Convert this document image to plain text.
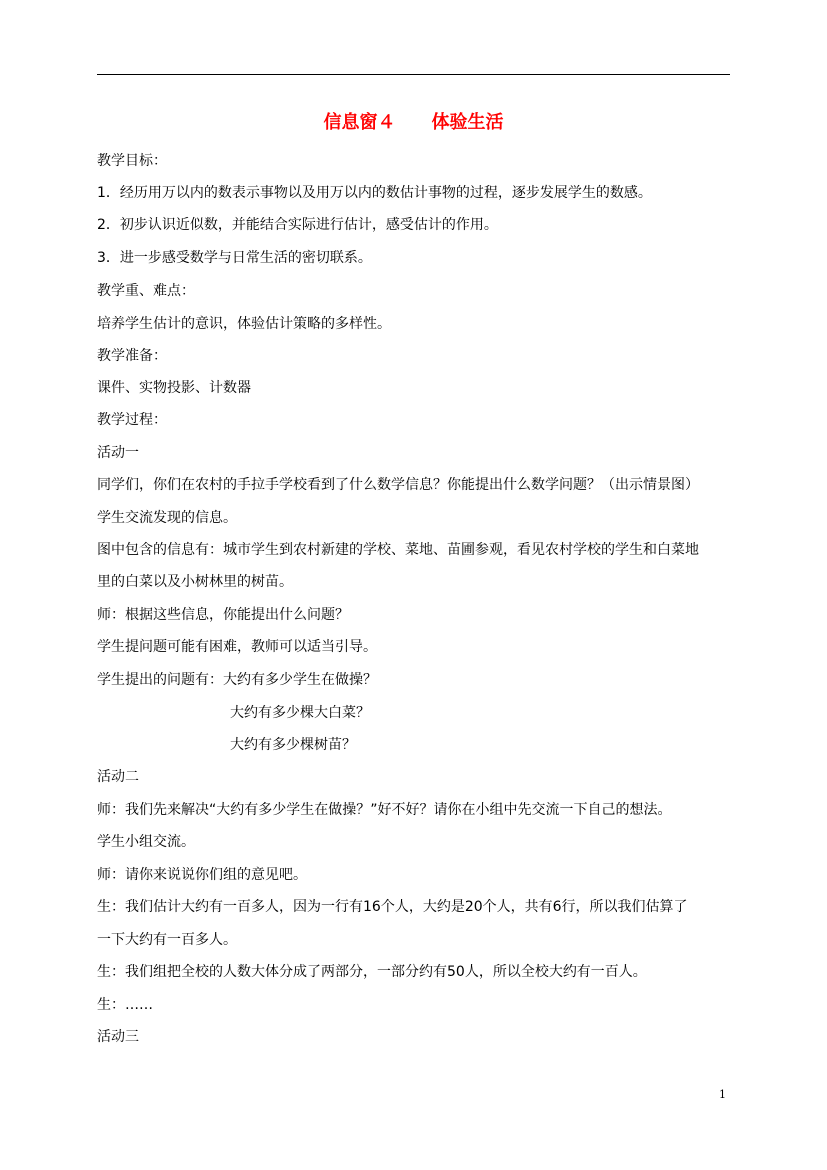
信息窗４　　体验生活
教学目标：
1．经历用万以内的数表示事物以及用万以内的数估计事物的过程，逐步发展学生的数感。
2．初步认识近似数，并能结合实际进行估计，感受估计的作用。
3．进一步感受数学与日常生活的密切联系。
教学重、难点：
培养学生估计的意识，体验估计策略的多样性。
教学准备：
课件、实物投影、计数器
教学过程：
活动一
同学们，你们在农村的手拉手学校看到了什么数学信息？你能提出什么数学问题？（出示情景图）
学生交流发现的信息。
图中包含的信息有：城市学生到农村新建的学校、菜地、苗圃参观，看见农村学校的学生和白菜地
里的白菜以及小树林里的树苗。
师：根据这些信息，你能提出什么问题？
学生提问题可能有困难，教师可以适当引导。
学生提出的问题有：大约有多少学生在做操？
大约有多少棵大白菜？
大约有多少棵树苗？
活动二
师：我们先来解决“大约有多少学生在做操？”好不好？请你在小组中先交流一下自己的想法。
学生小组交流。
师：请你来说说你们组的意见吧。
生：我们估计大约有一百多人，因为一行有16个人，大约是20个人，共有6行，所以我们估算了
一下大约有一百多人。
生：我们组把全校的人数大体分成了两部分，一部分约有50人，所以全校大约有一百人。
生：……
活动三
1
